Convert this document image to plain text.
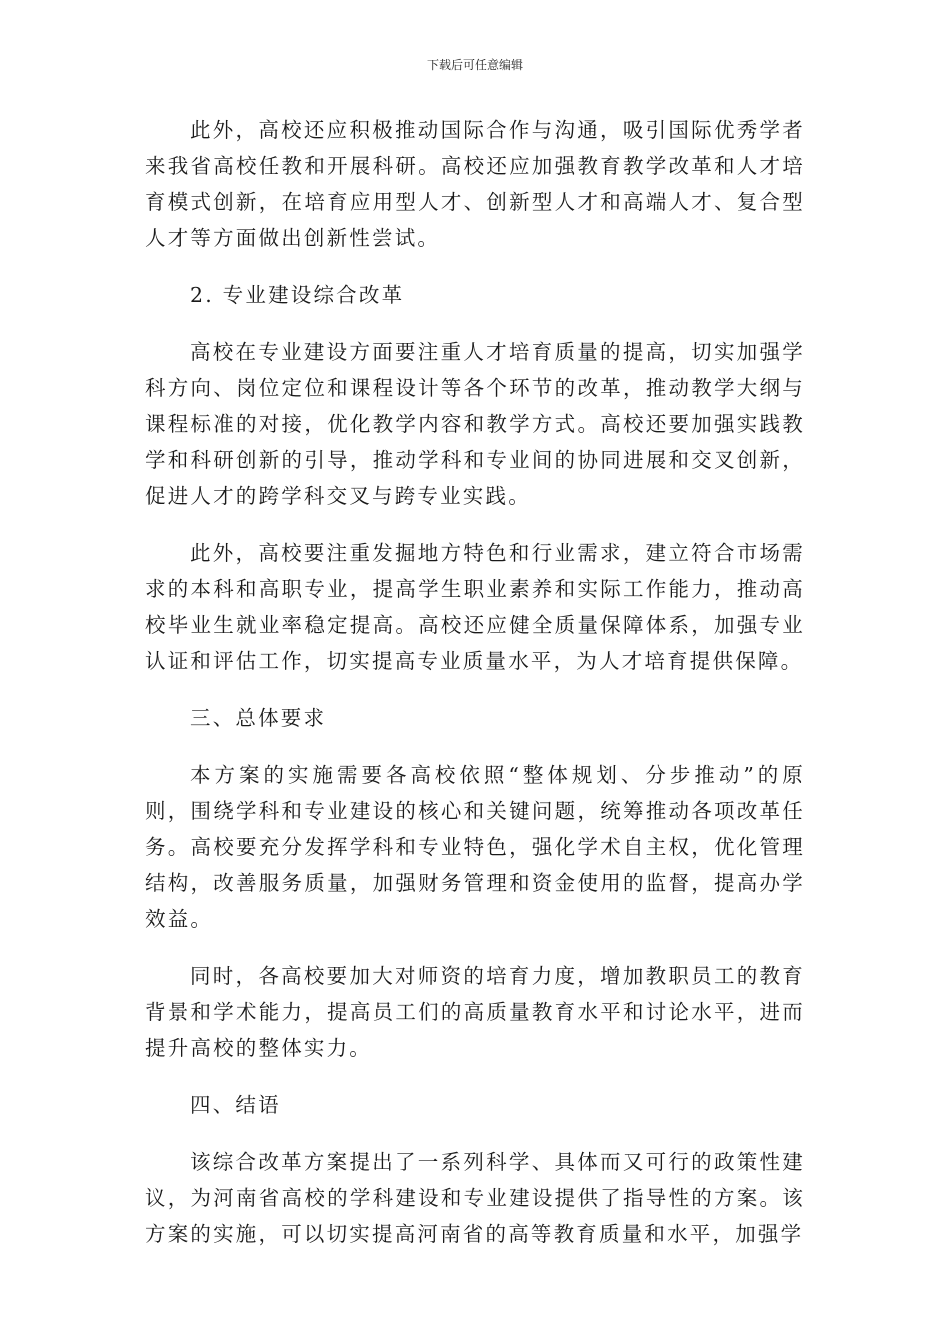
下载后可任意编辑

此外，高校还应积极推动国际合作与沟通，吸引国际优秀学者来我省高校任教和开展科研。高校还应加强教育教学改革和人才培育模式创新，在培育应用型人才、创新型人才和高端人才、复合型人才等方面做出创新性尝试。

2. 专业建设综合改革

高校在专业建设方面要注重人才培育质量的提高，切实加强学科方向、岗位定位和课程设计等各个环节的改革，推动教学大纲与课程标准的对接，优化教学内容和教学方式。高校还要加强实践教学和科研创新的引导，推动学科和专业间的协同进展和交叉创新，促进人才的跨学科交叉与跨专业实践。

此外，高校要注重发掘地方特色和行业需求，建立符合市场需求的本科和高职专业，提高学生职业素养和实际工作能力，推动高校毕业生就业率稳定提高。高校还应健全质量保障体系，加强专业认证和评估工作，切实提高专业质量水平，为人才培育提供保障。

三、总体要求

本方案的实施需要各高校依照“整体规划、分步推动”的原则，围绕学科和专业建设的核心和关键问题，统筹推动各项改革任务。高校要充分发挥学科和专业特色，强化学术自主权，优化管理结构，改善服务质量，加强财务管理和资金使用的监督，提高办学效益。

同时，各高校要加大对师资的培育力度，增加教职员工的教育背景和学术能力，提高员工们的高质量教育水平和讨论水平，进而提升高校的整体实力。

四、结语

该综合改革方案提出了一系列科学、具体而又可行的政策性建议，为河南省高校的学科建设和专业建设提供了指导性的方案。该方案的实施，可以切实提高河南省的高等教育质量和水平，加强学
